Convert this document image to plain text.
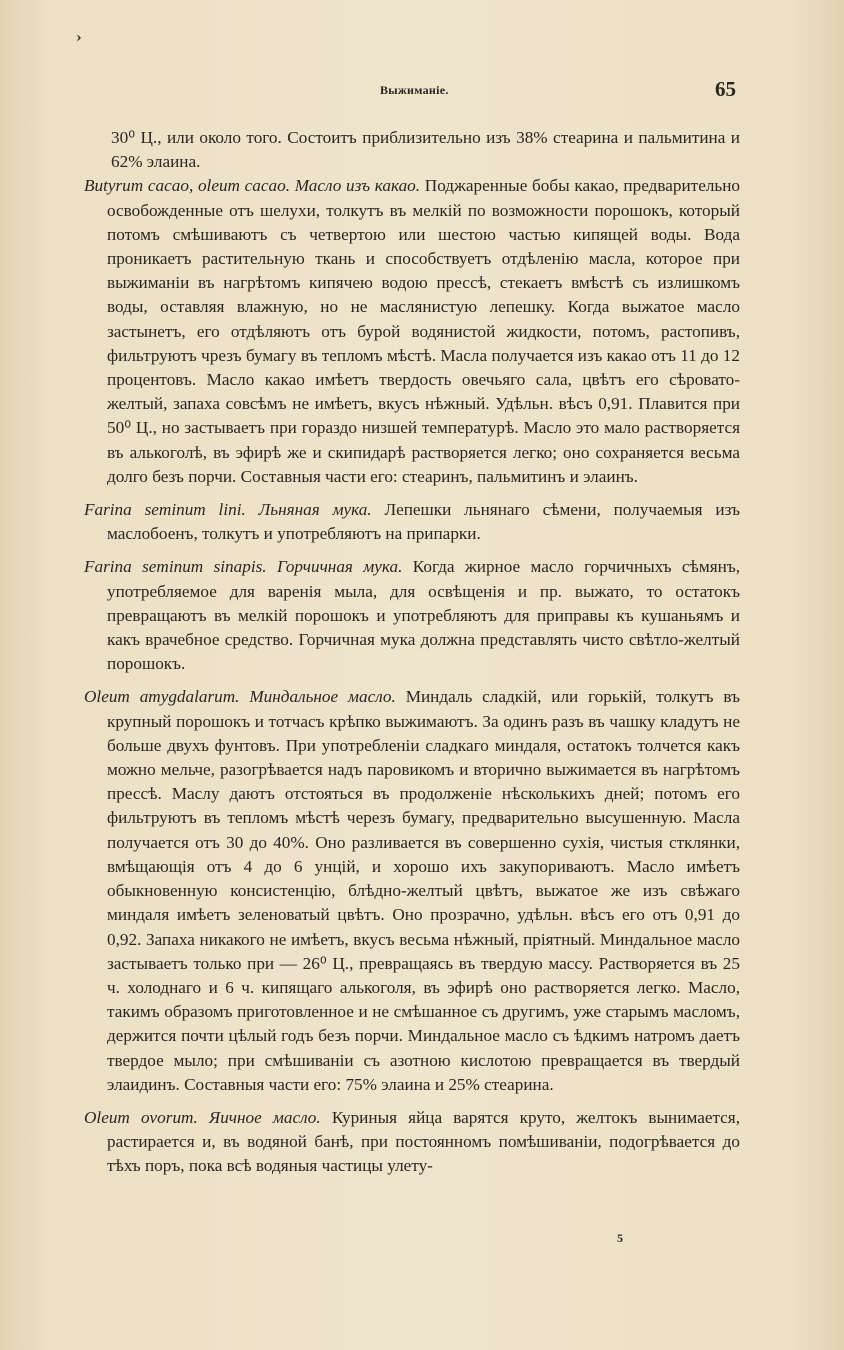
›
Выжиманіе.	65

30⁰ Ц., или около того. Состоитъ приблизительно изъ 38% стеарина и пальмитина и 62% элаина.

Butyrum cacao, oleum cacao. Масло изъ какао. Поджаренные бобы какао, предварительно освобожденные отъ шелухи, толкутъ въ мелкій по возможности порошокъ, который потомъ смѣшиваютъ съ четвертою или шестою частью кипящей воды. Вода проникаетъ растительную ткань и способствуетъ отдѣленію масла, которое при выжиманіи въ нагрѣтомъ кипячею водою прессѣ, стекаетъ вмѣстѣ съ излишкомъ воды, оставляя влажную, но не маслянистую лепешку. Когда выжатое масло застынетъ, его отдѣляютъ отъ бурой водянистой жидкости, потомъ, растопивъ, фильтруютъ чрезъ бумагу въ тепломъ мѣстѣ. Масла получается изъ какао отъ 11 до 12 процентовъ. Масло какао имѣетъ твердость овечьяго сала, цвѣтъ его сѣровато-желтый, запаха совсѣмъ не имѣетъ, вкусъ нѣжный. Удѣльн. вѣсъ 0,91. Плавится при 50⁰ Ц., но застываетъ при гораздо низшей температурѣ. Масло это мало растворяется въ алькоголѣ, въ эфирѣ же и скипидарѣ растворяется легко; оно сохраняется весьма долго безъ порчи. Составныя части его: стеаринъ, пальмитинъ и элаинъ.

Farina seminum lini. Льняная мука. Лепешки льнянаго сѣмени, получаемыя изъ маслобоенъ, толкутъ и употребляютъ на припарки.

Farina seminum sinapis. Горчичная мука. Когда жирное масло горчичныхъ сѣмянъ, употребляемое для варенія мыла, для освѣщенія и пр. выжато, то остатокъ превращаютъ въ мелкій порошокъ и употребляютъ для приправы къ кушаньямъ и какъ врачебное средство. Горчичная мука должна представлять чисто свѣтло-желтый порошокъ.

Oleum amygdalarum. Миндальное масло. Миндаль сладкій, или горькій, толкутъ въ крупный порошокъ и тотчасъ крѣпко выжимаютъ. За одинъ разъ въ чашку кладутъ не больше двухъ фунтовъ. При употребленіи сладкаго миндаля, остатокъ толчется какъ можно мельче, разогрѣвается надъ паровикомъ и вторично выжимается въ нагрѣтомъ прессѣ. Маслу даютъ отстояться въ продолженіе нѣсколькихъ дней; потомъ его фильтруютъ въ тепломъ мѣстѣ черезъ бумагу, предварительно высушенную. Масла получается отъ 30 до 40%. Оно разливается въ совершенно сухія, чистыя стклянки, вмѣщающія отъ 4 до 6 унцій, и хорошо ихъ закупориваютъ. Масло имѣетъ обыкновенную консистенцію, блѣдно-желтый цвѣтъ, выжатое же изъ свѣжаго миндаля имѣетъ зеленоватый цвѣтъ. Оно прозрачно, удѣльн. вѣсъ его отъ 0,91 до 0,92. Запаха никакого не имѣетъ, вкусъ весьма нѣжный, пріятный. Миндальное масло застываетъ только при — 26⁰ Ц., превращаясь въ твердую массу. Растворяется въ 25 ч. холоднаго и 6 ч. кипящаго алькоголя, въ эфирѣ оно растворяется легко. Масло, такимъ образомъ приготовленное и не смѣшанное съ другимъ, уже старымъ масломъ, держится почти цѣлый годъ безъ порчи. Миндальное масло съ ѣдкимъ натромъ даетъ твердое мыло; при смѣшиваніи съ азотною кислотою превращается въ твердый элаидинъ. Составныя части его: 75% элаина и 25% стеарина.

Oleum ovorum. Яичное масло. Куриныя яйца варятся круто, желтокъ вынимается, растирается и, въ водяной банѣ, при постоянномъ помѣшиваніи, подогрѣвается до тѣхъ поръ, пока всѣ водяныя частицы улету-

5
